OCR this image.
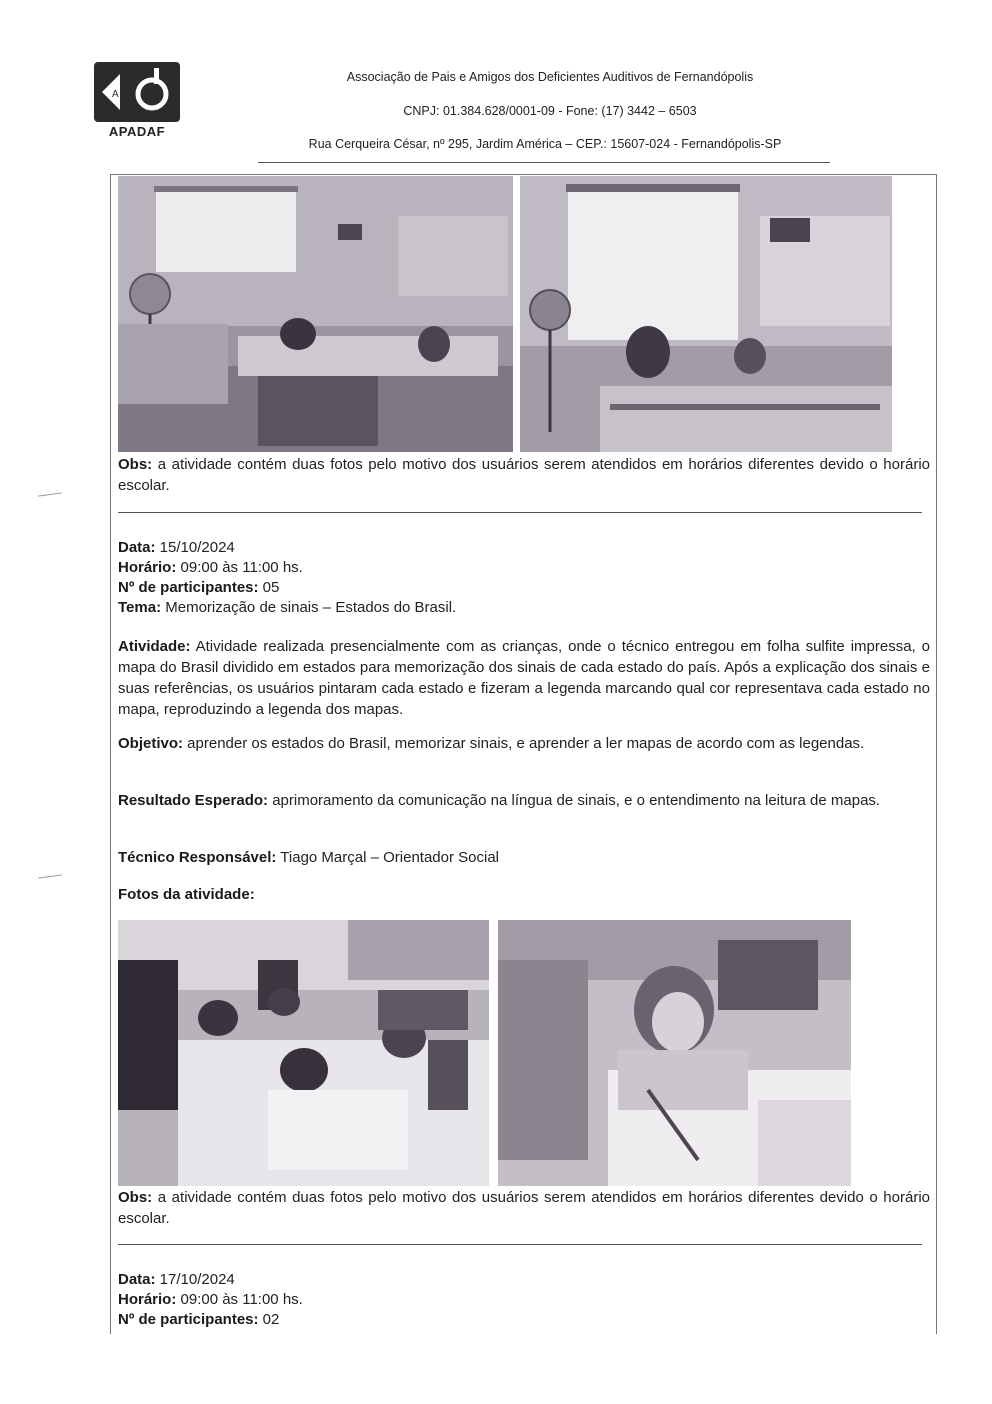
A
APADAF
Associação de Pais e Amigos dos Deficientes Auditivos de Fernandópolis
CNPJ: 01.384.628/0001-09 - Fone: (17) 3442 – 6503
Rua Cerqueira César, nº 295, Jardim América – CEP.: 15607-024 - Fernandópolis-SP
Obs: a atividade contém duas fotos pelo motivo dos usuários serem atendidos em horários diferentes devido o horário escolar.
Data: 15/10/2024
Horário: 09:00 às 11:00 hs.
Nº de participantes: 05
Tema: Memorização de sinais – Estados do Brasil.
Atividade: Atividade realizada presencialmente com as crianças, onde o técnico entregou em folha sulfite impressa, o mapa do Brasil dividido em estados para memorização dos sinais de cada estado do país. Após a explicação dos sinais e suas referências, os usuários pintaram cada estado e fizeram a legenda marcando qual cor representava cada estado no mapa, reproduzindo a legenda dos mapas.
Objetivo: aprender os estados do Brasil, memorizar sinais, e aprender a ler mapas de acordo com as legendas.
Resultado Esperado: aprimoramento da comunicação na língua de sinais, e o entendimento na leitura de mapas.
Técnico Responsável: Tiago Marçal – Orientador Social
Fotos da atividade:
Obs: a atividade contém duas fotos pelo motivo dos usuários serem atendidos em horários diferentes devido o horário escolar.
Data: 17/10/2024
Horário: 09:00 às 11:00 hs.
Nº de participantes: 02
